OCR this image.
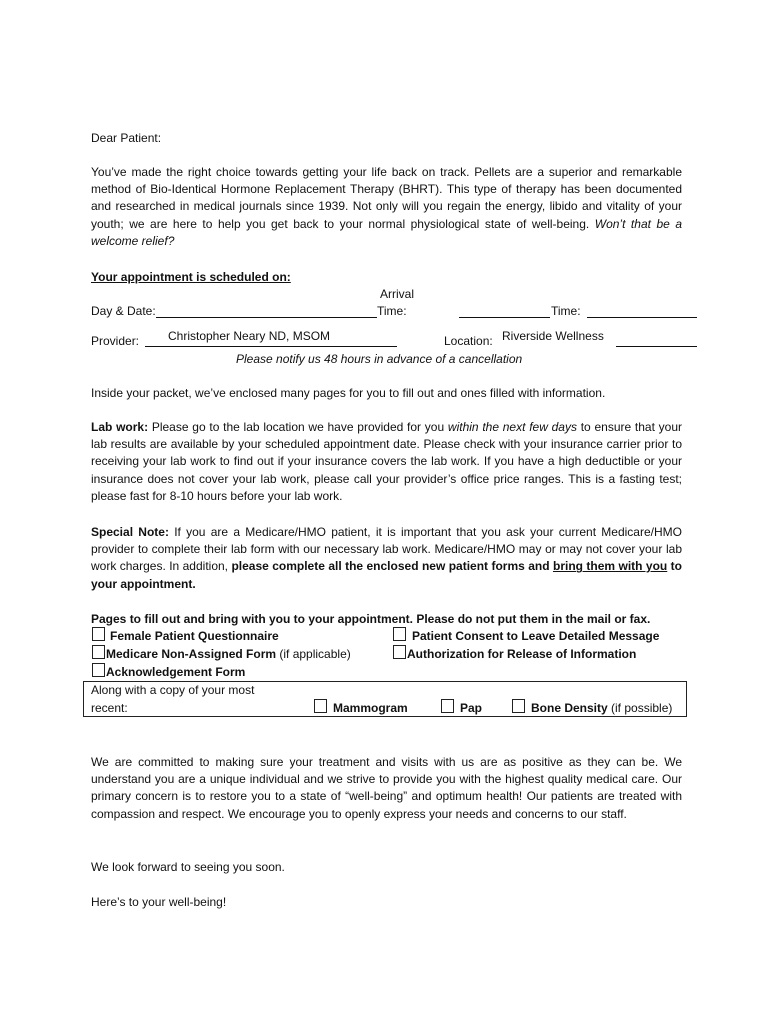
Dear Patient:
You’ve made the right choice towards getting your life back on track. Pellets are a superior and remarkable method of Bio-Identical Hormone Replacement Therapy (BHRT). This type of therapy has been documented and researched in medical journals since 1939. Not only will you regain the energy, libido and vitality of your youth; we are here to help you get back to your normal physiological state of well-being. Won’t that be a welcome relief?
Your appointment is scheduled on:
Day & Date:
Arrival
Time:	Time:
Provider: Christopher Neary ND, MSOM	Location: Riverside Wellness
Please notify us 48 hours in advance of a cancellation
Inside your packet, we’ve enclosed many pages for you to fill out and ones filled with information.
Lab work: Please go to the lab location we have provided for you within the next few days to ensure that your lab results are available by your scheduled appointment date. Please check with your insurance carrier prior to receiving your lab work to find out if your insurance covers the lab work. If you have a high deductible or your insurance does not cover your lab work, please call your provider’s office price ranges. This is a fasting test; please fast for 8-10 hours before your lab work.
Special Note: If you are a Medicare/HMO patient, it is important that you ask your current Medicare/HMO provider to complete their lab form with our necessary lab work. Medicare/HMO may or may not cover your lab work charges. In addition, please complete all the enclosed new patient forms and bring them with you to your appointment.
Pages to fill out and bring with you to your appointment. Please do not put them in the mail or fax.
Female Patient Questionnaire	Patient Consent to Leave Detailed Message
Medicare Non-Assigned Form (if applicable)	Authorization for Release of Information
Acknowledgement Form
Along with a copy of your most
recent:	Mammogram	Pap	Bone Density (if possible)
We are committed to making sure your treatment and visits with us are as positive as they can be. We understand you are a unique individual and we strive to provide you with the highest quality medical care. Our primary concern is to restore you to a state of “well-being” and optimum health! Our patients are treated with compassion and respect. We encourage you to openly express your needs and concerns to our staff.
We look forward to seeing you soon.
Here’s to your well-being!
